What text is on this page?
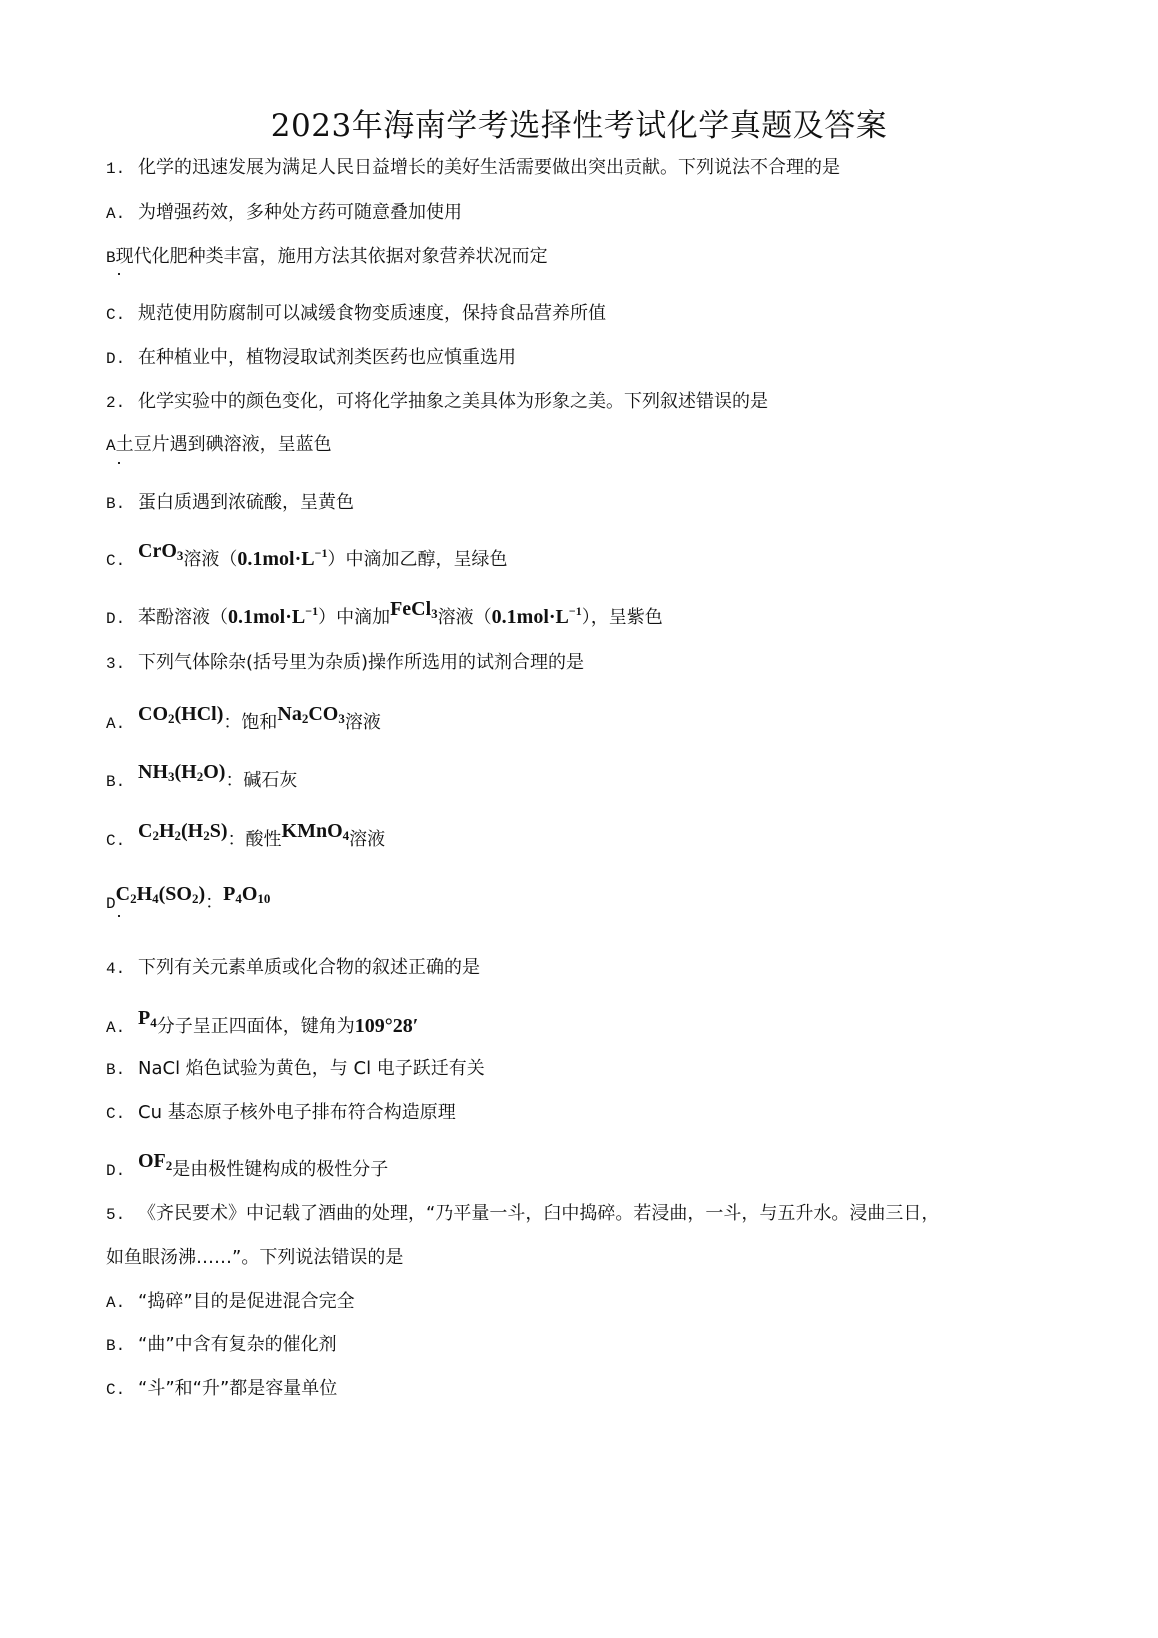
2023年海南学考选择性考试化学真题及答案
1. 化学的迅速发展为满足人民日益增长的美好生活需要做出突出贡献。下列说法不合理的是
A. 为增强药效，多种处方药可随意叠加使用
B现代化肥种类丰富，施用方法其依据对象营养状况而定
C. 规范使用防腐制可以减缓食物变质速度，保持食品营养所值
D. 在种植业中，植物浸取试剂类医药也应慎重选用
2. 化学实验中的颜色变化，可将化学抽象之美具体为形象之美。下列叙述错误的是
A土豆片遇到碘溶液，呈蓝色
B. 蛋白质遇到浓硫酸，呈黄色
C. CrO$_3$溶液$(0.1mol\cdot L^{-1})$中滴加乙醇，呈绿色
D. 苯酚溶液$(0.1mol\cdot L^{-1})$中滴加FeCl$_3$溶液$(0.1mol\cdot L^{-1})$，呈紫色
3. 下列气体除杂(括号里为杂质)操作所选用的试剂合理的是
A. $CO_2(HCl)$：饱和$Na_2CO_3$溶液
B. $NH_3(H_2O)$：碱石灰
C. $C_2H_2(H_2S)$：酸性KMnO$_4$溶液
$DC_2H_4(SO_2)$：$P_4O_{10}$
4. 下列有关元素单质或化合物的叙述正确的是
A. $P_4$分子呈正四面体，键角为109°28′
B. NaCl 焰色试验为黄色，与 Cl 电子跃迁有关
C. Cu 基态原子核外电子排布符合构造原理
D. $OF_2$是由极性键构成的极性分子
5. 《齐民要术》中记载了酒曲的处理，“乃平量一斗，臼中捣碎。若浸曲，一斗，与五升水。浸曲三日，
如鱼眼汤沸……”。下列说法错误的是
A. “捣碎”目的是促进混合完全
B. “曲”中含有复杂的催化剂
C. “斗”和“升”都是容量单位
